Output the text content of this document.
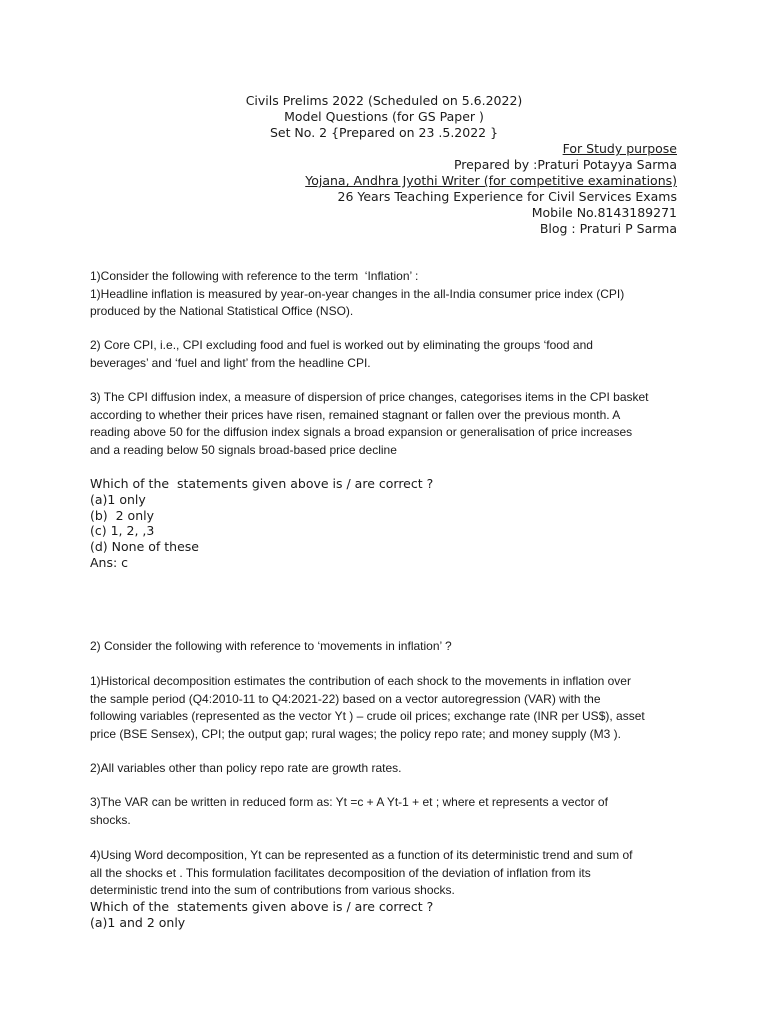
Civils Prelims 2022 (Scheduled on 5.6.2022)
Model Questions (for GS Paper )
Set No. 2 {Prepared on 23 .5.2022 }
For Study purpose
Prepared by :Praturi Potayya Sarma
Yojana, Andhra Jyothi Writer (for competitive examinations)
26 Years Teaching Experience for Civil Services Exams
Mobile No.8143189271
Blog : Praturi P Sarma
1)Consider the following with reference to the term  ‘Inflation’ :
1)Headline inflation is measured by year-on-year changes in the all-India consumer price index (CPI)
produced by the National Statistical Office (NSO).
2) Core CPI, i.e., CPI excluding food and fuel is worked out by eliminating the groups ‘food and
beverages’ and ‘fuel and light’ from the headline CPI.
3) The CPI diffusion index, a measure of dispersion of price changes, categorises items in the CPI basket
according to whether their prices have risen, remained stagnant or fallen over the previous month. A
reading above 50 for the diffusion index signals a broad expansion or generalisation of price increases
and a reading below 50 signals broad-based price decline
Which of the  statements given above is / are correct ?
(a)1 only
(b)  2 only
(c) 1, 2, ,3
(d) None of these
Ans: c
2) Consider the following with reference to ‘movements in inflation’ ?
1)Historical decomposition estimates the contribution of each shock to the movements in inflation over
the sample period (Q4:2010-11 to Q4:2021-22) based on a vector autoregression (VAR) with the
following variables (represented as the vector Yt ) – crude oil prices; exchange rate (INR per US$), asset
price (BSE Sensex), CPI; the output gap; rural wages; the policy repo rate; and money supply (M3 ).
2)All variables other than policy repo rate are growth rates.
3)The VAR can be written in reduced form as: Yt =c + A Yt-1 + et ; where et represents a vector of
shocks.
4)Using Word decomposition, Yt can be represented as a function of its deterministic trend and sum of
all the shocks et . This formulation facilitates decomposition of the deviation of inflation from its
deterministic trend into the sum of contributions from various shocks.
Which of the  statements given above is / are correct ?
(a)1 and 2 only
